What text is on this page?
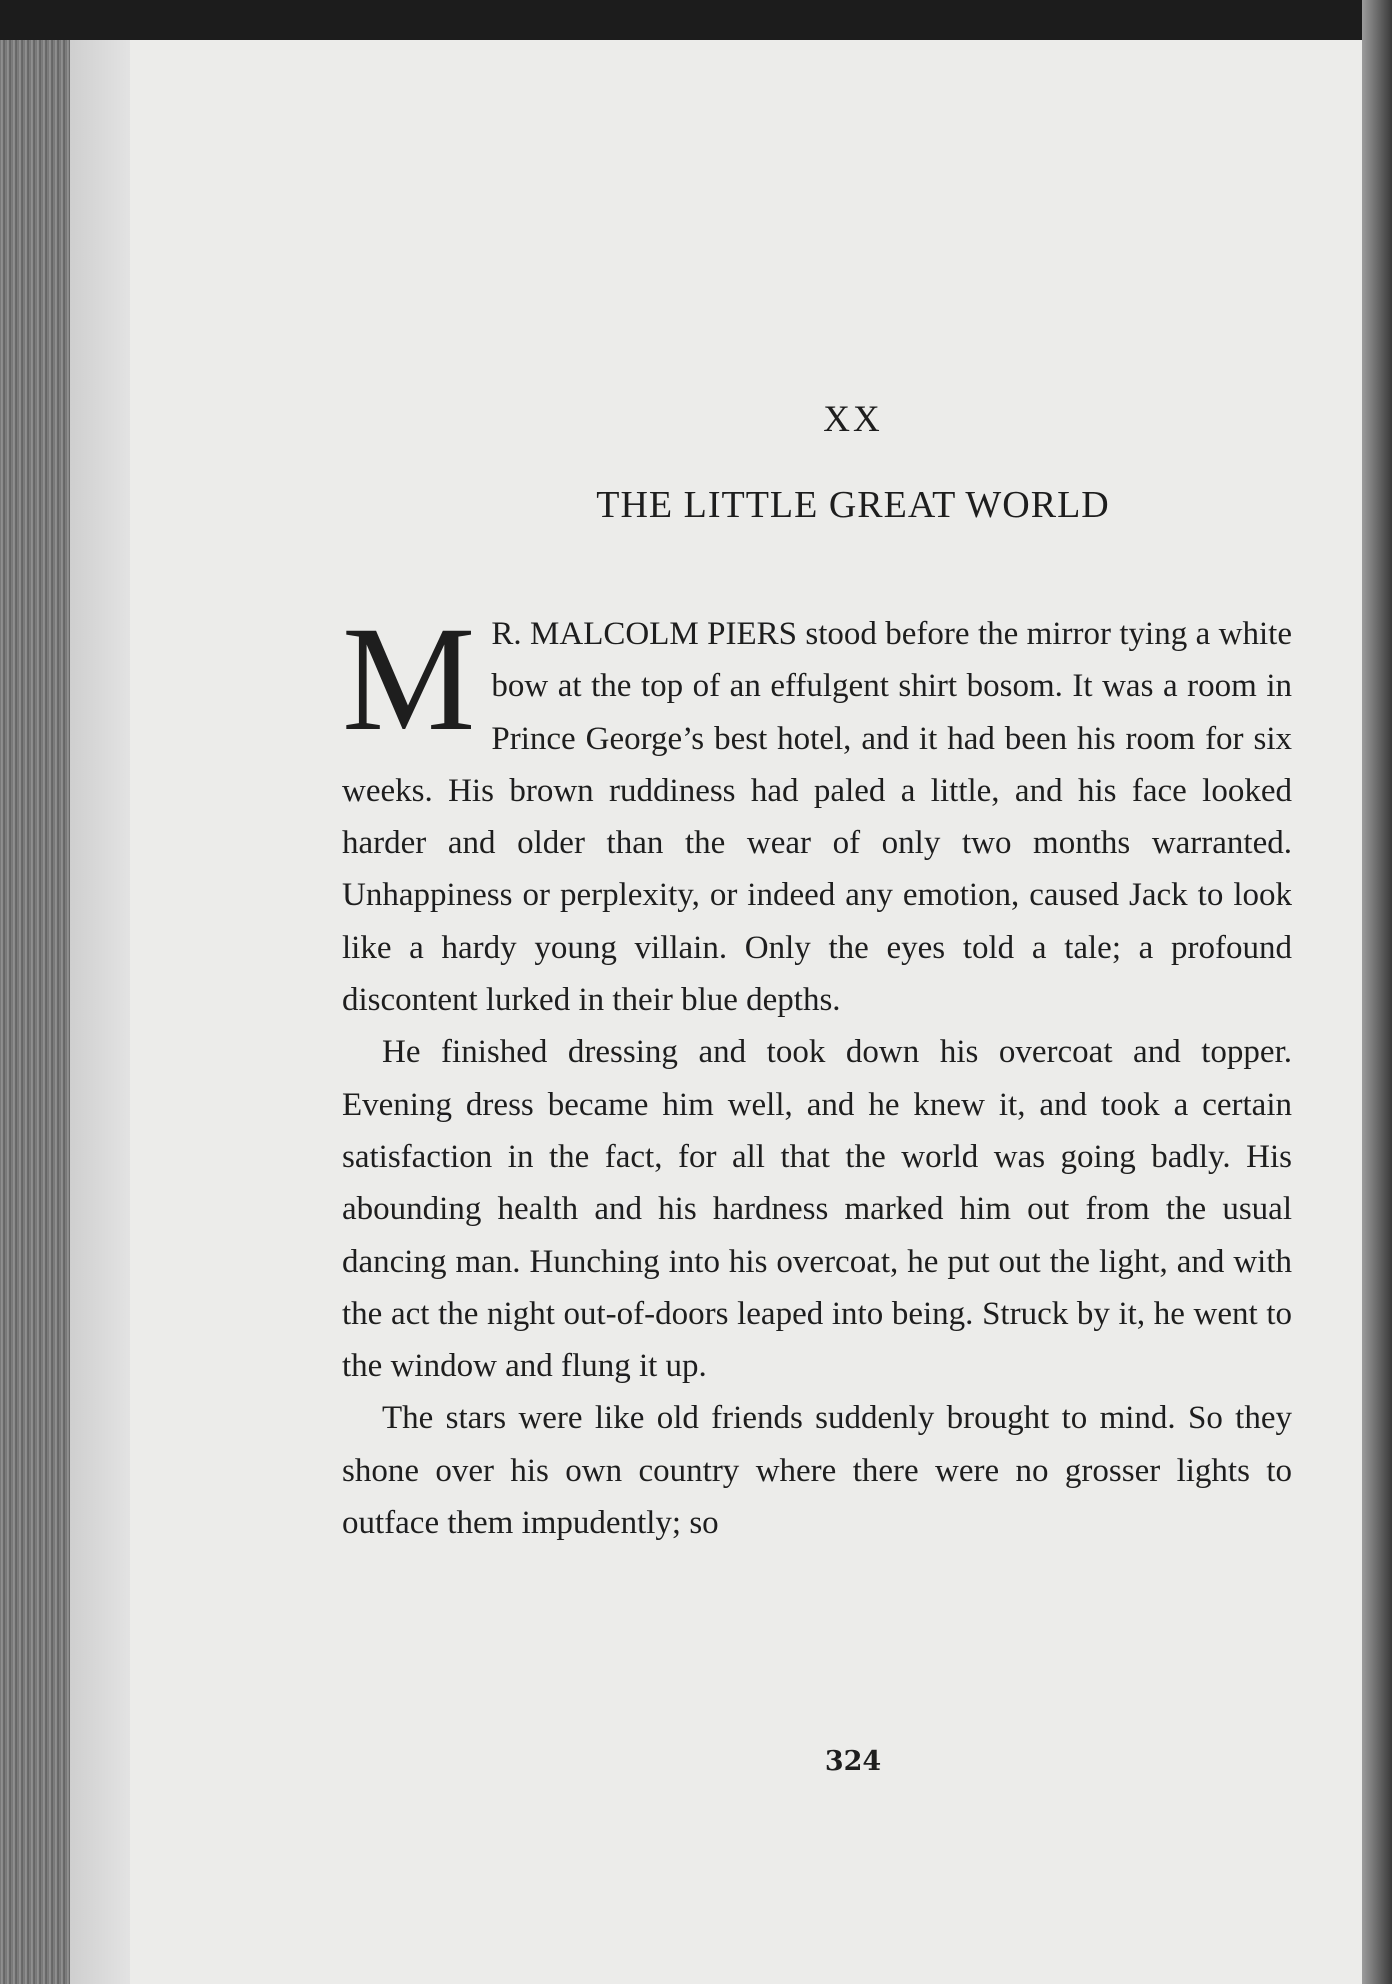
XX
THE LITTLE GREAT WORLD

M R. MALCOLM PIERS stood before the mirror tying a white bow at the top of an effulgent shirt bosom. It was a room in Prince George’s best hotel, and it had been his room for six weeks. His brown ruddiness had paled a little, and his face looked harder and older than the wear of only two months warranted. Unhappiness or perplexity, or indeed any emotion, caused Jack to look like a hardy young villain. Only the eyes told a tale; a profound discontent lurked in their blue depths.

He finished dressing and took down his overcoat and topper. Evening dress became him well, and he knew it, and took a certain satisfaction in the fact, for all that the world was going badly. His abounding health and his hardness marked him out from the usual dancing man. Hunching into his overcoat, he put out the light, and with the act the night out-of-doors leaped into being. Struck by it, he went to the window and flung it up.

The stars were like old friends suddenly brought to mind. So they shone over his own country where there were no grosser lights to outface them impudently; so

324
